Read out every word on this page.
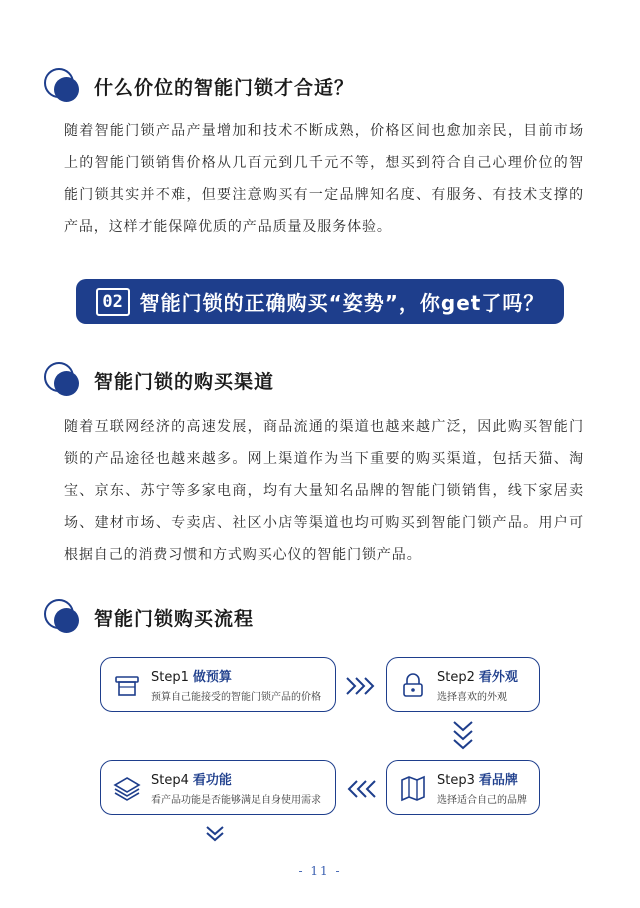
什么价位的智能门锁才合适？
随着智能门锁产品产量增加和技术不断成熟，价格区间也愈加亲民，目前市场上的智能门锁销售价格从几百元到几千元不等，想买到符合自己心理价位的智能门锁其实并不难，但要注意购买有一定品牌知名度、有服务、有技术支撑的产品，这样才能保障优质的产品质量及服务体验。
02 智能门锁的正确购买“姿势”，你get了吗？
智能门锁的购买渠道
随着互联网经济的高速发展，商品流通的渠道也越来越广泛，因此购买智能门锁的产品途径也越来越多。网上渠道作为当下重要的购买渠道，包括天猫、淘宝、京东、苏宁等多家电商，均有大量知名品牌的智能门锁销售，线下家居卖场、建材市场、专卖店、社区小店等渠道也均可购买到智能门锁产品。用户可根据自己的消费习惯和方式购买心仪的智能门锁产品。
智能门锁购买流程
Step1 做预算
预算自己能接受的智能门锁产品的价格
Step2 看外观
选择喜欢的外观
Step3 看品牌
选择适合自己的品牌
Step4 看功能
看产品功能是否能够满足自身使用需求
- 11 -
